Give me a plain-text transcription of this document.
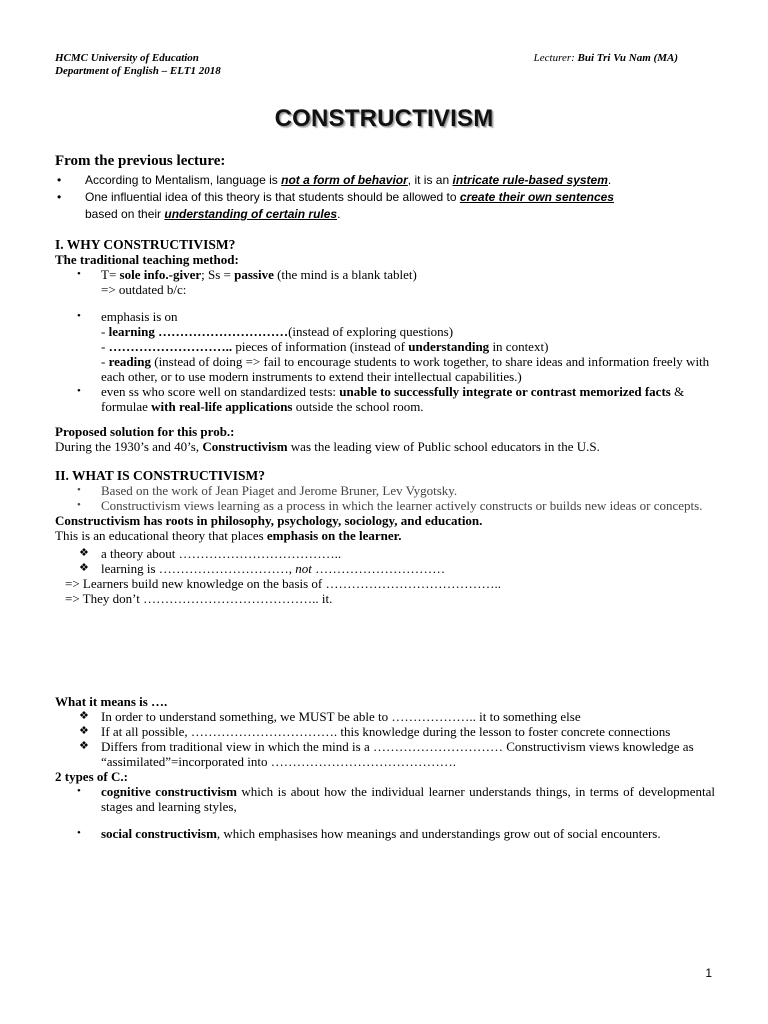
HCMC University of Education
Department of English – ELT1 2018
Lecturer: Bui Tri Vu Nam (MA)
CONSTRUCTIVISM
From the previous lecture:
• According to Mentalism, language is not a form of behavior, it is an intricate rule-based system.
• One influential idea of this theory is that students should be allowed to create their own sentences
based on their understanding of certain rules.
I. WHY CONSTRUCTIVISM?
The traditional teaching method:
• T= sole info.-giver; Ss = passive (the mind is a blank tablet)
=> outdated b/c:
• emphasis is on
- learning …………………………(instead of exploring questions)
- ……………………….. pieces of information (instead of understanding in context)
- reading (instead of doing => fail to encourage students to work together, to share ideas and information freely with each other, or to use modern instruments to extend their intellectual capabilities.)
• even ss who score well on standardized tests: unable to successfully integrate or contrast memorized facts & formulae with real-life applications outside the school room.
Proposed solution for this prob.:
During the 1930’s and 40’s, Constructivism was the leading view of Public school educators in the U.S.
II. WHAT IS CONSTRUCTIVISM?
• Based on the work of Jean Piaget and Jerome Bruner, Lev Vygotsky.
• Constructivism views learning as a process in which the learner actively constructs or builds new ideas or concepts.
Constructivism has roots in philosophy, psychology, sociology, and education.
This is an educational theory that places emphasis on the learner.
❖ a theory about ………………………………..
❖ learning is …………………………, not …………………………
=> Learners build new knowledge on the basis of …………………………………..
=> They don’t ………………………………….. it.
What it means is ….
❖ In order to understand something, we MUST be able to ……………….. it to something else
❖ If at all possible, ……………………………. this knowledge during the lesson to foster concrete connections
❖ Differs from traditional view in which the mind is a ………………………… Constructivism views knowledge as “assimilated”=incorporated into …………………………………….
2 types of C.:
• cognitive constructivism which is about how the individual learner understands things, in terms of developmental stages and learning styles,
• social constructivism, which emphasises how meanings and understandings grow out of social encounters.
1
